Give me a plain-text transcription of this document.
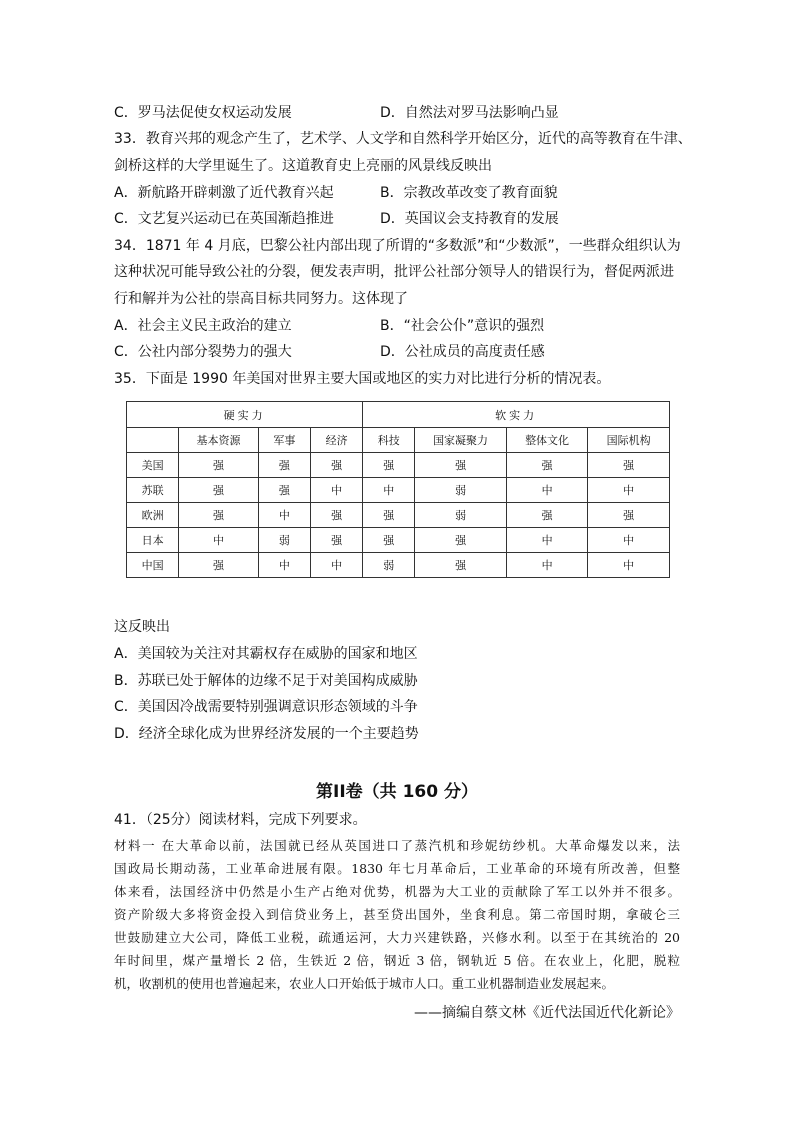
C．罗马法促使女权运动发展	D．自然法对罗马法影响凸显
33．教育兴邦的观念产生了，艺术学、人文学和自然科学开始区分，近代的高等教育在牛津、
剑桥这样的大学里诞生了。这道教育史上亮丽的风景线反映出
A．新航路开辟刺激了近代教育兴起	B．宗教改革改变了教育面貌
C．文艺复兴运动已在英国渐趋推进	D．英国议会支持教育的发展
34．1871 年 4 月底，巴黎公社内部出现了所谓的“多数派”和“少数派”，一些群众组织认为
这种状况可能导致公社的分裂，便发表声明，批评公社部分领导人的错误行为，督促两派进
行和解并为公社的崇高目标共同努力。这体现了
A．社会主义民主政治的建立	B．“社会公仆”意识的强烈
C．公社内部分裂势力的强大	D．公社成员的高度责任感
35．下面是 1990 年美国对世界主要大国或地区的实力对比进行分析的情况表。
硬实力				软实力			
	基本资源	军事	经济	科技	国家凝聚力	整体文化	国际机构
美国	强	强	强	强	强	强	强
苏联	强	强	中	中	弱	中	中
欧洲	强	中	强	强	弱	强	强
日本	中	弱	强	强	强	中	中
中国	强	中	中	弱	强	中	中
这反映出
A．美国较为关注对其霸权存在威胁的国家和地区
B．苏联已处于解体的边缘不足于对美国构成威胁
C．美国因冷战需要特别强调意识形态领域的斗争
D．经济全球化成为世界经济发展的一个主要趋势
第II卷（共 160 分）
41．（25分）阅读材料，完成下列要求。
材料一 在大革命以前，法国就已经从英国进口了蒸汽机和珍妮纺纱机。大革命爆发以来，法
国政局长期动荡，工业革命进展有限。1830 年七月革命后，工业革命的环境有所改善，但整
体来看，法国经济中仍然是小生产占绝对优势，机器为大工业的贡献除了军工以外并不很多。
资产阶级大多将资金投入到信贷业务上，甚至贷出国外，坐食利息。第二帝国时期，拿破仑三
世鼓励建立大公司，降低工业税，疏通运河，大力兴建铁路，兴修水利。以至于在其统治的 20
年时间里，煤产量增长 2 倍，生铁近 2 倍，钢近 3 倍，钢轨近 5 倍。在农业上，化肥，脱粒
机，收割机的使用也普遍起来，农业人口开始低于城市人口。重工业机器制造业发展起来。
——摘编自蔡文林《近代法国近代化新论》
